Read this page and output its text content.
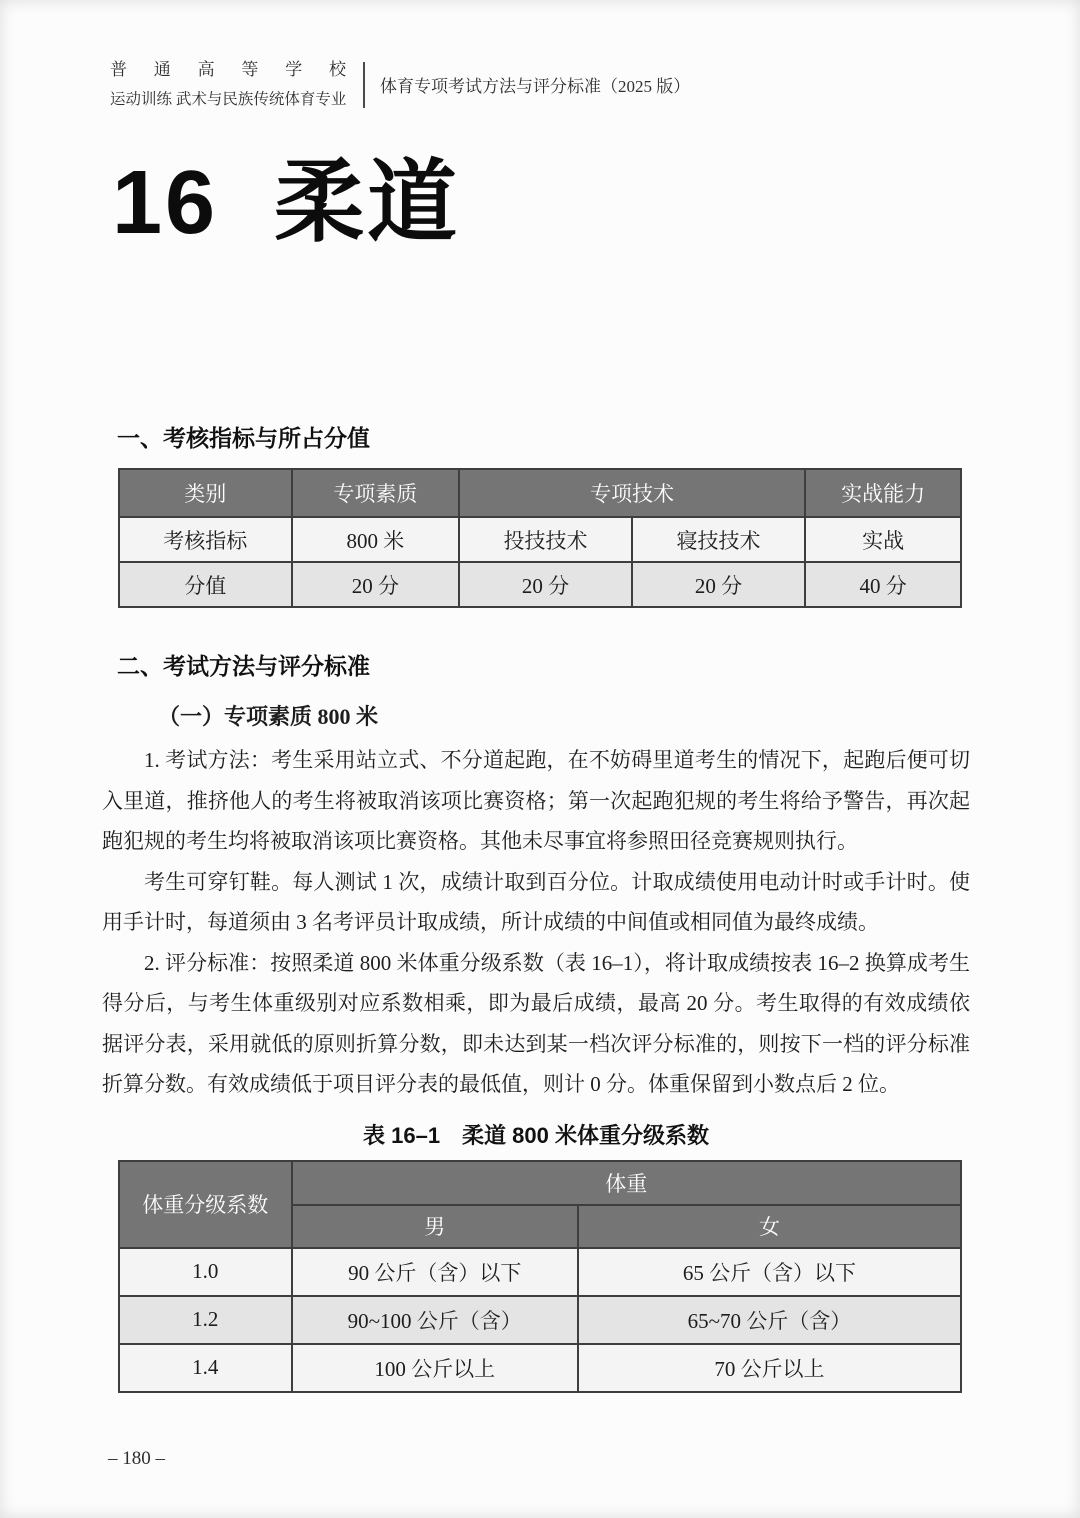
普 通 高 等 学 校
运动训练 武术与民族传统体育专业
体育专项考试方法与评分标准（2025 版）
16 柔道
一、考核指标与所占分值
类别	专项素质	专项技术		实战能力
考核指标	800 米	投技技术	寝技技术	实战
分值	20 分	20 分	20 分	40 分
二、考试方法与评分标准
（一）专项素质 800 米

1. 考试方法：考生采用站立式、不分道起跑，在不妨碍里道考生的情况下，起跑后便可切入里道，推挤他人的考生将被取消该项比赛资格；第一次起跑犯规的考生将给予警告，再次起跑犯规的考生均将被取消该项比赛资格。其他未尽事宜将参照田径竞赛规则执行。

考生可穿钉鞋。每人测试 1 次，成绩计取到百分位。计取成绩使用电动计时或手计时。使用手计时，每道须由 3 名考评员计取成绩，所计成绩的中间值或相同值为最终成绩。

2. 评分标准：按照柔道 800 米体重分级系数（表 16–1），将计取成绩按表 16–2 换算成考生得分后，与考生体重级别对应系数相乘，即为最后成绩，最高 20 分。考生取得的有效成绩依据评分表，采用就低的原则折算分数，即未达到某一档次评分标准的，则按下一档的评分标准折算分数。有效成绩低于项目评分表的最低值，则计 0 分。体重保留到小数点后 2 位。

表 16–1　柔道 800 米体重分级系数
体重分级系数	体重	
	男	女
1.0	90 公斤（含）以下	65 公斤（含）以下
1.2	90~100 公斤（含）	65~70 公斤（含）
1.4	100 公斤以上	70 公斤以上
– 180 –
